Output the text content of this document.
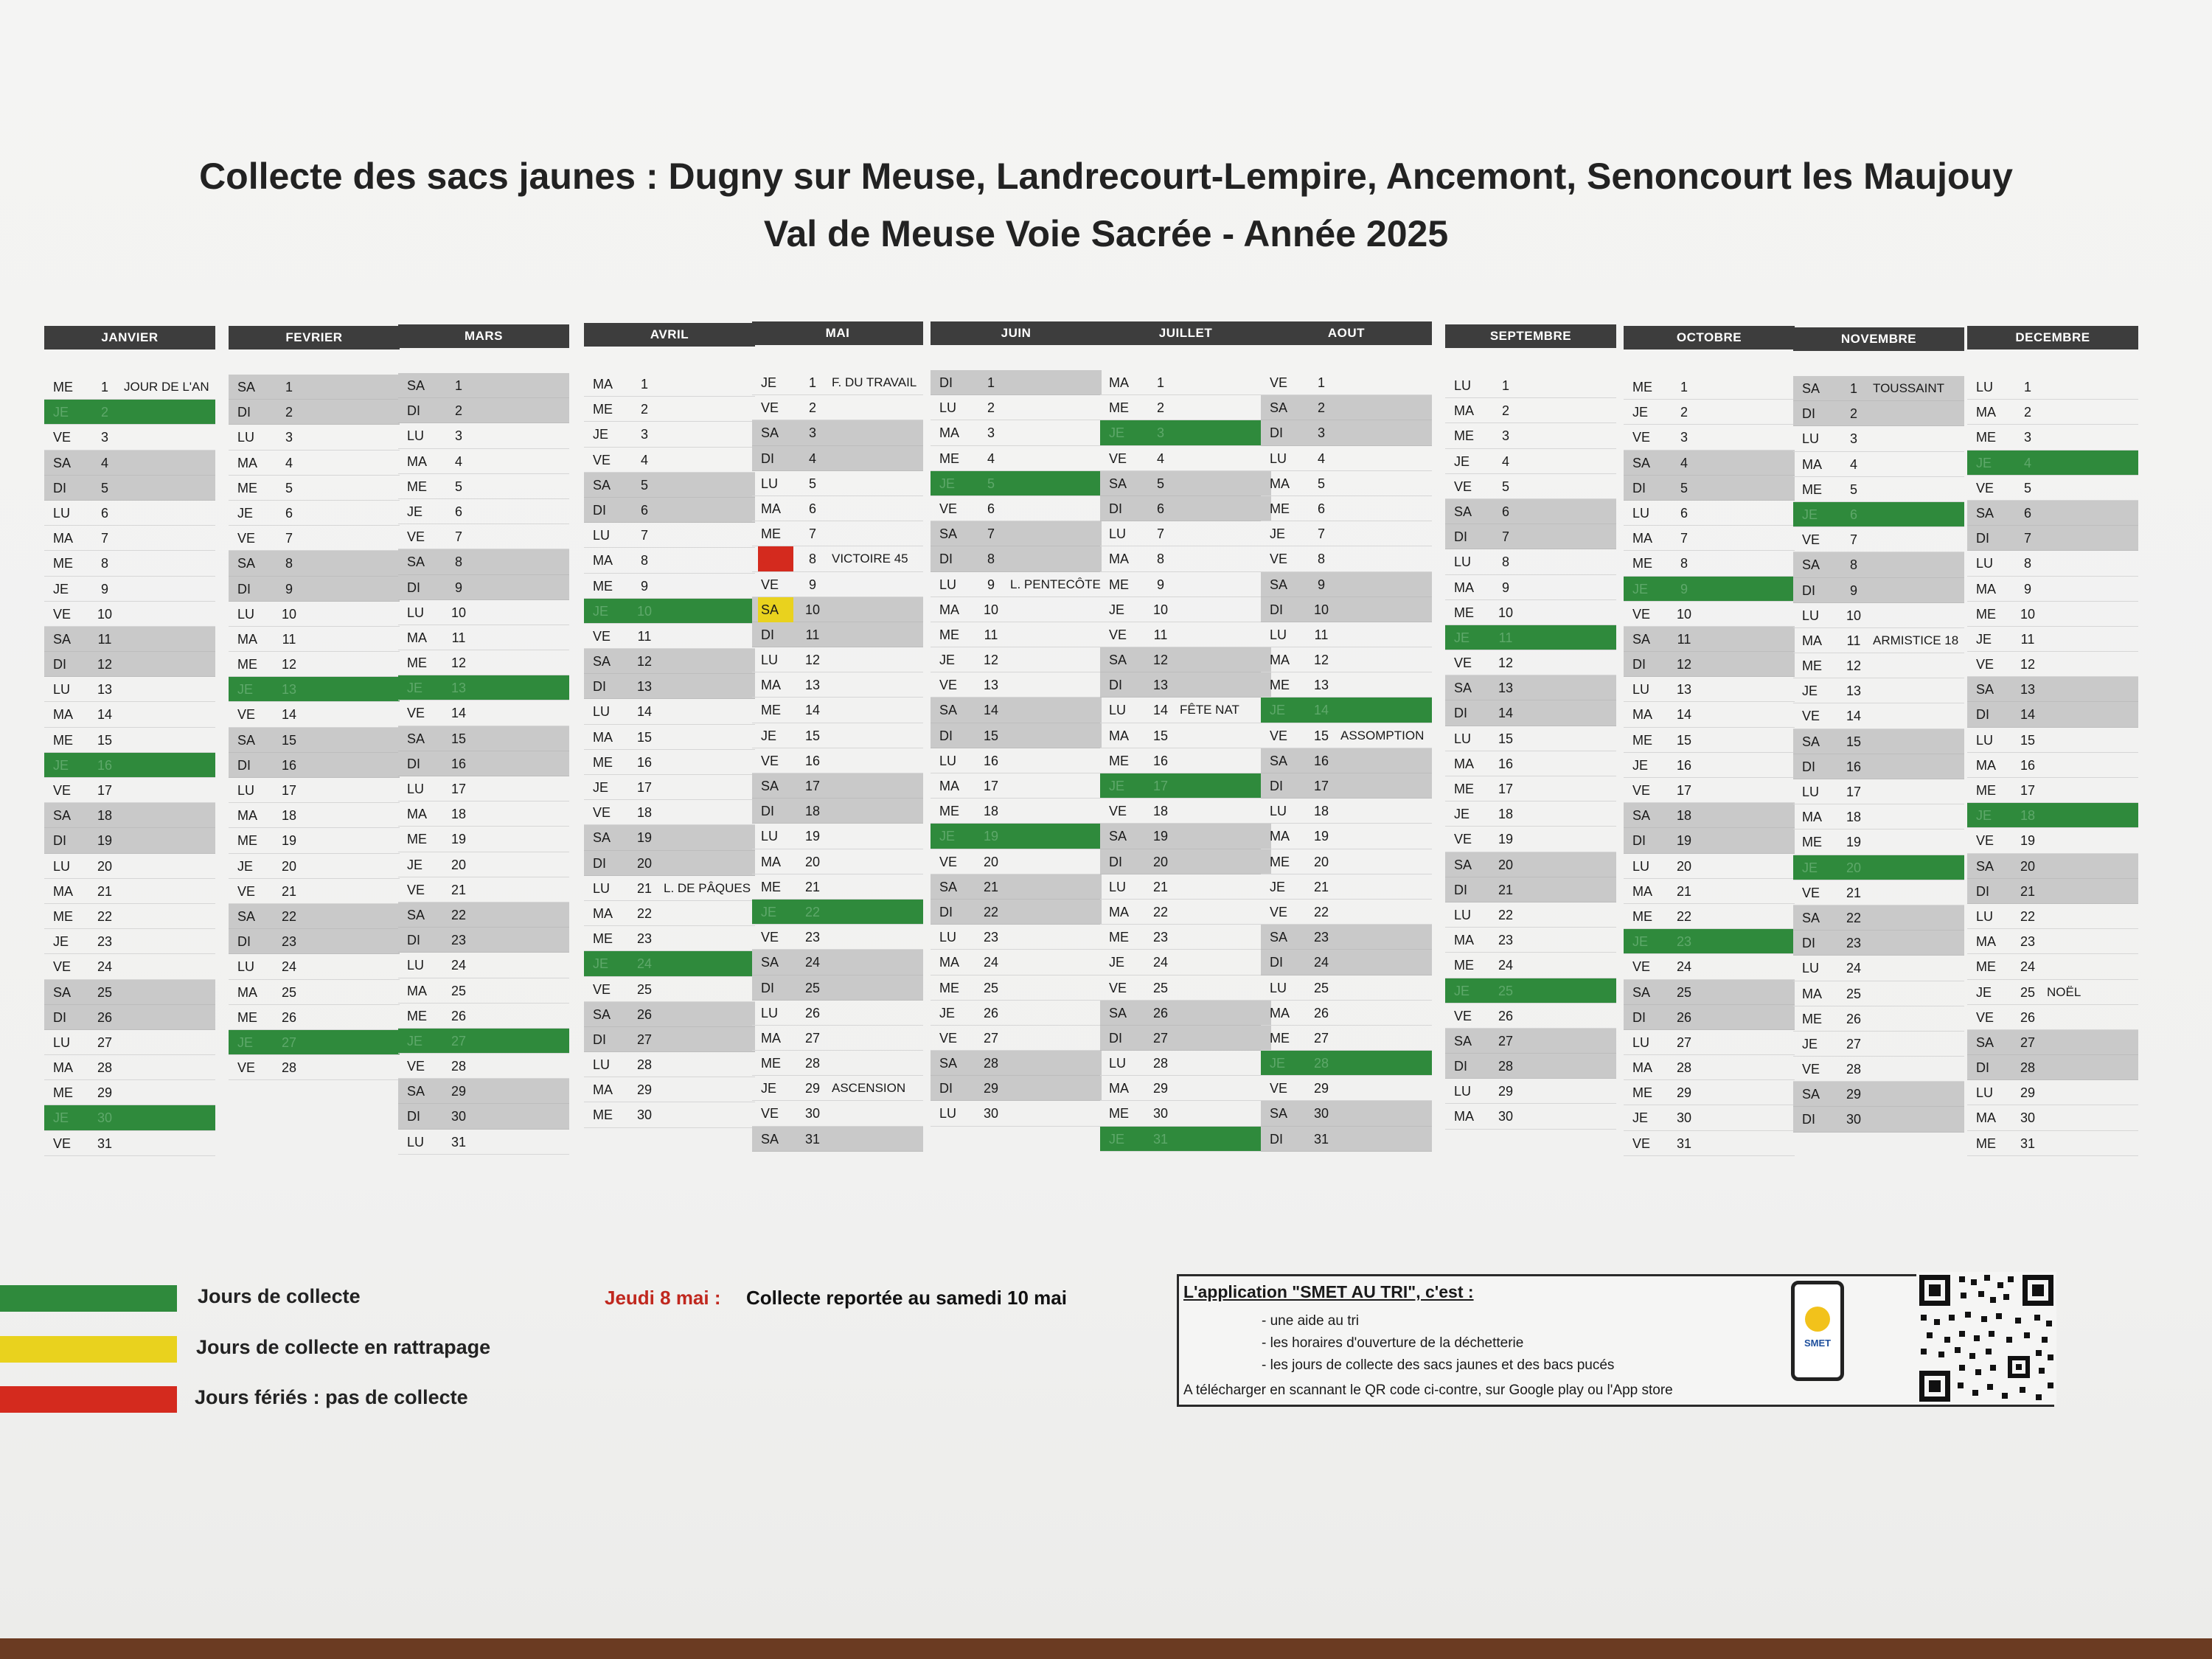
Collecte des sacs jaunes : Dugny sur Meuse, Landrecourt-Lempire, Ancemont, Senoncourt les Maujouy
Val de Meuse Voie Sacrée - Année 2025
JANVIER
ME	1	JOUR DE L'AN
JE	2
VE	3
SA	4
DI	5
LU	6
MA	7
ME	8
JE	9
VE	10
SA	11
DI	12
LU	13
MA	14
ME	15
JE	16
VE	17
SA	18
DI	19
LU	20
MA	21
ME	22
JE	23
VE	24
SA	25
DI	26
LU	27
MA	28
ME	29
JE	30
VE	31
FEVRIER
SA	1
DI	2
LU	3
MA	4
ME	5
JE	6
VE	7
SA	8
DI	9
LU	10
MA	11
ME	12
JE	13
VE	14
SA	15
DI	16
LU	17
MA	18
ME	19
JE	20
VE	21
SA	22
DI	23
LU	24
MA	25
ME	26
JE	27
VE	28
MARS
SA	1
DI	2
LU	3
MA	4
ME	5
JE	6
VE	7
SA	8
DI	9
LU	10
MA	11
ME	12
JE	13
VE	14
SA	15
DI	16
LU	17
MA	18
ME	19
JE	20
VE	21
SA	22
DI	23
LU	24
MA	25
ME	26
JE	27
VE	28
SA	29
DI	30
LU	31
AVRIL
MA	1
ME	2
JE	3
VE	4
SA	5
DI	6
LU	7
MA	8
ME	9
JE	10
VE	11
SA	12
DI	13
LU	14
MA	15
ME	16
JE	17
VE	18
SA	19
DI	20
LU	21 L. DE PÂQUES
MA	22
ME	23
JE	24
VE	25
SA	26
DI	27
LU	28
MA	29
ME	30
MAI
JE	1	F. DU TRAVAIL
VE	2
SA	3
DI	4
LU	5
MA	6
ME	7
JE	8	VICTOIRE 45
VE	9
SA	10
DI	11
LU	12
MA	13
ME	14
JE	15
VE	16
SA	17
DI	18
LU	19
MA	20
ME	21
JE	22
VE	23
SA	24
DI	25
LU	26
MA	27
ME	28
JE	29 ASCENSION
VE	30
SA	31
JUIN
DI	1
LU	2
MA	3
ME	4
JE	5
VE	6
SA	7
DI	8
LU	9	L. PENTECÔTE
MA	10
ME	11
JE	12
VE	13
SA	14
DI	15
LU	16
MA	17
ME	18
JE	19
VE	20
SA	21
DI	22
LU	23
MA	24
ME	25
JE	26
VE	27
SA	28
DI	29
LU	30
JUILLET
MA	1
ME	2
JE	3
VE	4
SA	5
DI	6
LU	7
MA	8
ME	9
JE	10
VE	11
SA	12
DI	13
LU	14 FÊTE NAT
MA	15
ME	16
JE	17
VE	18
SA	19
DI	20
LU	21
MA	22
ME	23
JE	24
VE	25
SA	26
DI	27
LU	28
MA	29
ME	30
JE	31
AOUT
VE	1
SA	2
DI	3
LU	4
MA	5
ME	6
JE	7
VE	8
SA	9
DI	10
LU	11
MA	12
ME	13
JE	14
VE	15 ASSOMPTION
SA	16
DI	17
LU	18
MA	19
ME	20
JE	21
VE	22
SA	23
DI	24
LU	25
MA	26
ME	27
JE	28
VE	29
SA	30
DI	31
SEPTEMBRE
LU	1
MA	2
ME	3
JE	4
VE	5
SA	6
DI	7
LU	8
MA	9
ME	10
JE	11
VE	12
SA	13
DI	14
LU	15
MA	16
ME	17
JE	18
VE	19
SA	20
DI	21
LU	22
MA	23
ME	24
JE	25
VE	26
SA	27
DI	28
LU	29
MA	30
OCTOBRE
ME	1
JE	2
VE	3
SA	4
DI	5
LU	6
MA	7
ME	8
JE	9
VE	10
SA	11
DI	12
LU	13
MA	14
ME	15
JE	16
VE	17
SA	18
DI	19
LU	20
MA	21
ME	22
JE	23
VE	24
SA	25
DI	26
LU	27
MA	28
ME	29
JE	30
VE	31
NOVEMBRE
SA	1	TOUSSAINT
DI	2
LU	3
MA	4
ME	5
JE	6
VE	7
SA	8
DI	9
LU	10
MA	11 ARMISTICE 18
ME	12
JE	13
VE	14
SA	15
DI	16
LU	17
MA	18
ME	19
JE	20
VE	21
SA	22
DI	23
LU	24
MA	25
ME	26
JE	27
VE	28
SA	29
DI	30
DECEMBRE
LU	1
MA	2
ME	3
JE	4
VE	5
SA	6
DI	7
LU	8
MA	9
ME	10
JE	11
VE	12
SA	13
DI	14
LU	15
MA	16
ME	17
JE	18
VE	19
SA	20
DI	21
LU	22
MA	23
ME	24
JE	25 NOËL
VE	26
SA	27
DI	28
LU	29
MA	30
ME	31
Jours de collecte
Jours de collecte en rattrapage
Jours fériés : pas de collecte
Jeudi 8 mai : Collecte reportée au samedi 10 mai	L'application "SMET AU TRI", c'est :
- une aide au tri
- les horaires d'ouverture de la déchetterie
- les jours de collecte des sacs jaunes et des bacs pucés
A télécharger en scannant le QR code ci-contre, sur Google play ou l'App store
SMET
